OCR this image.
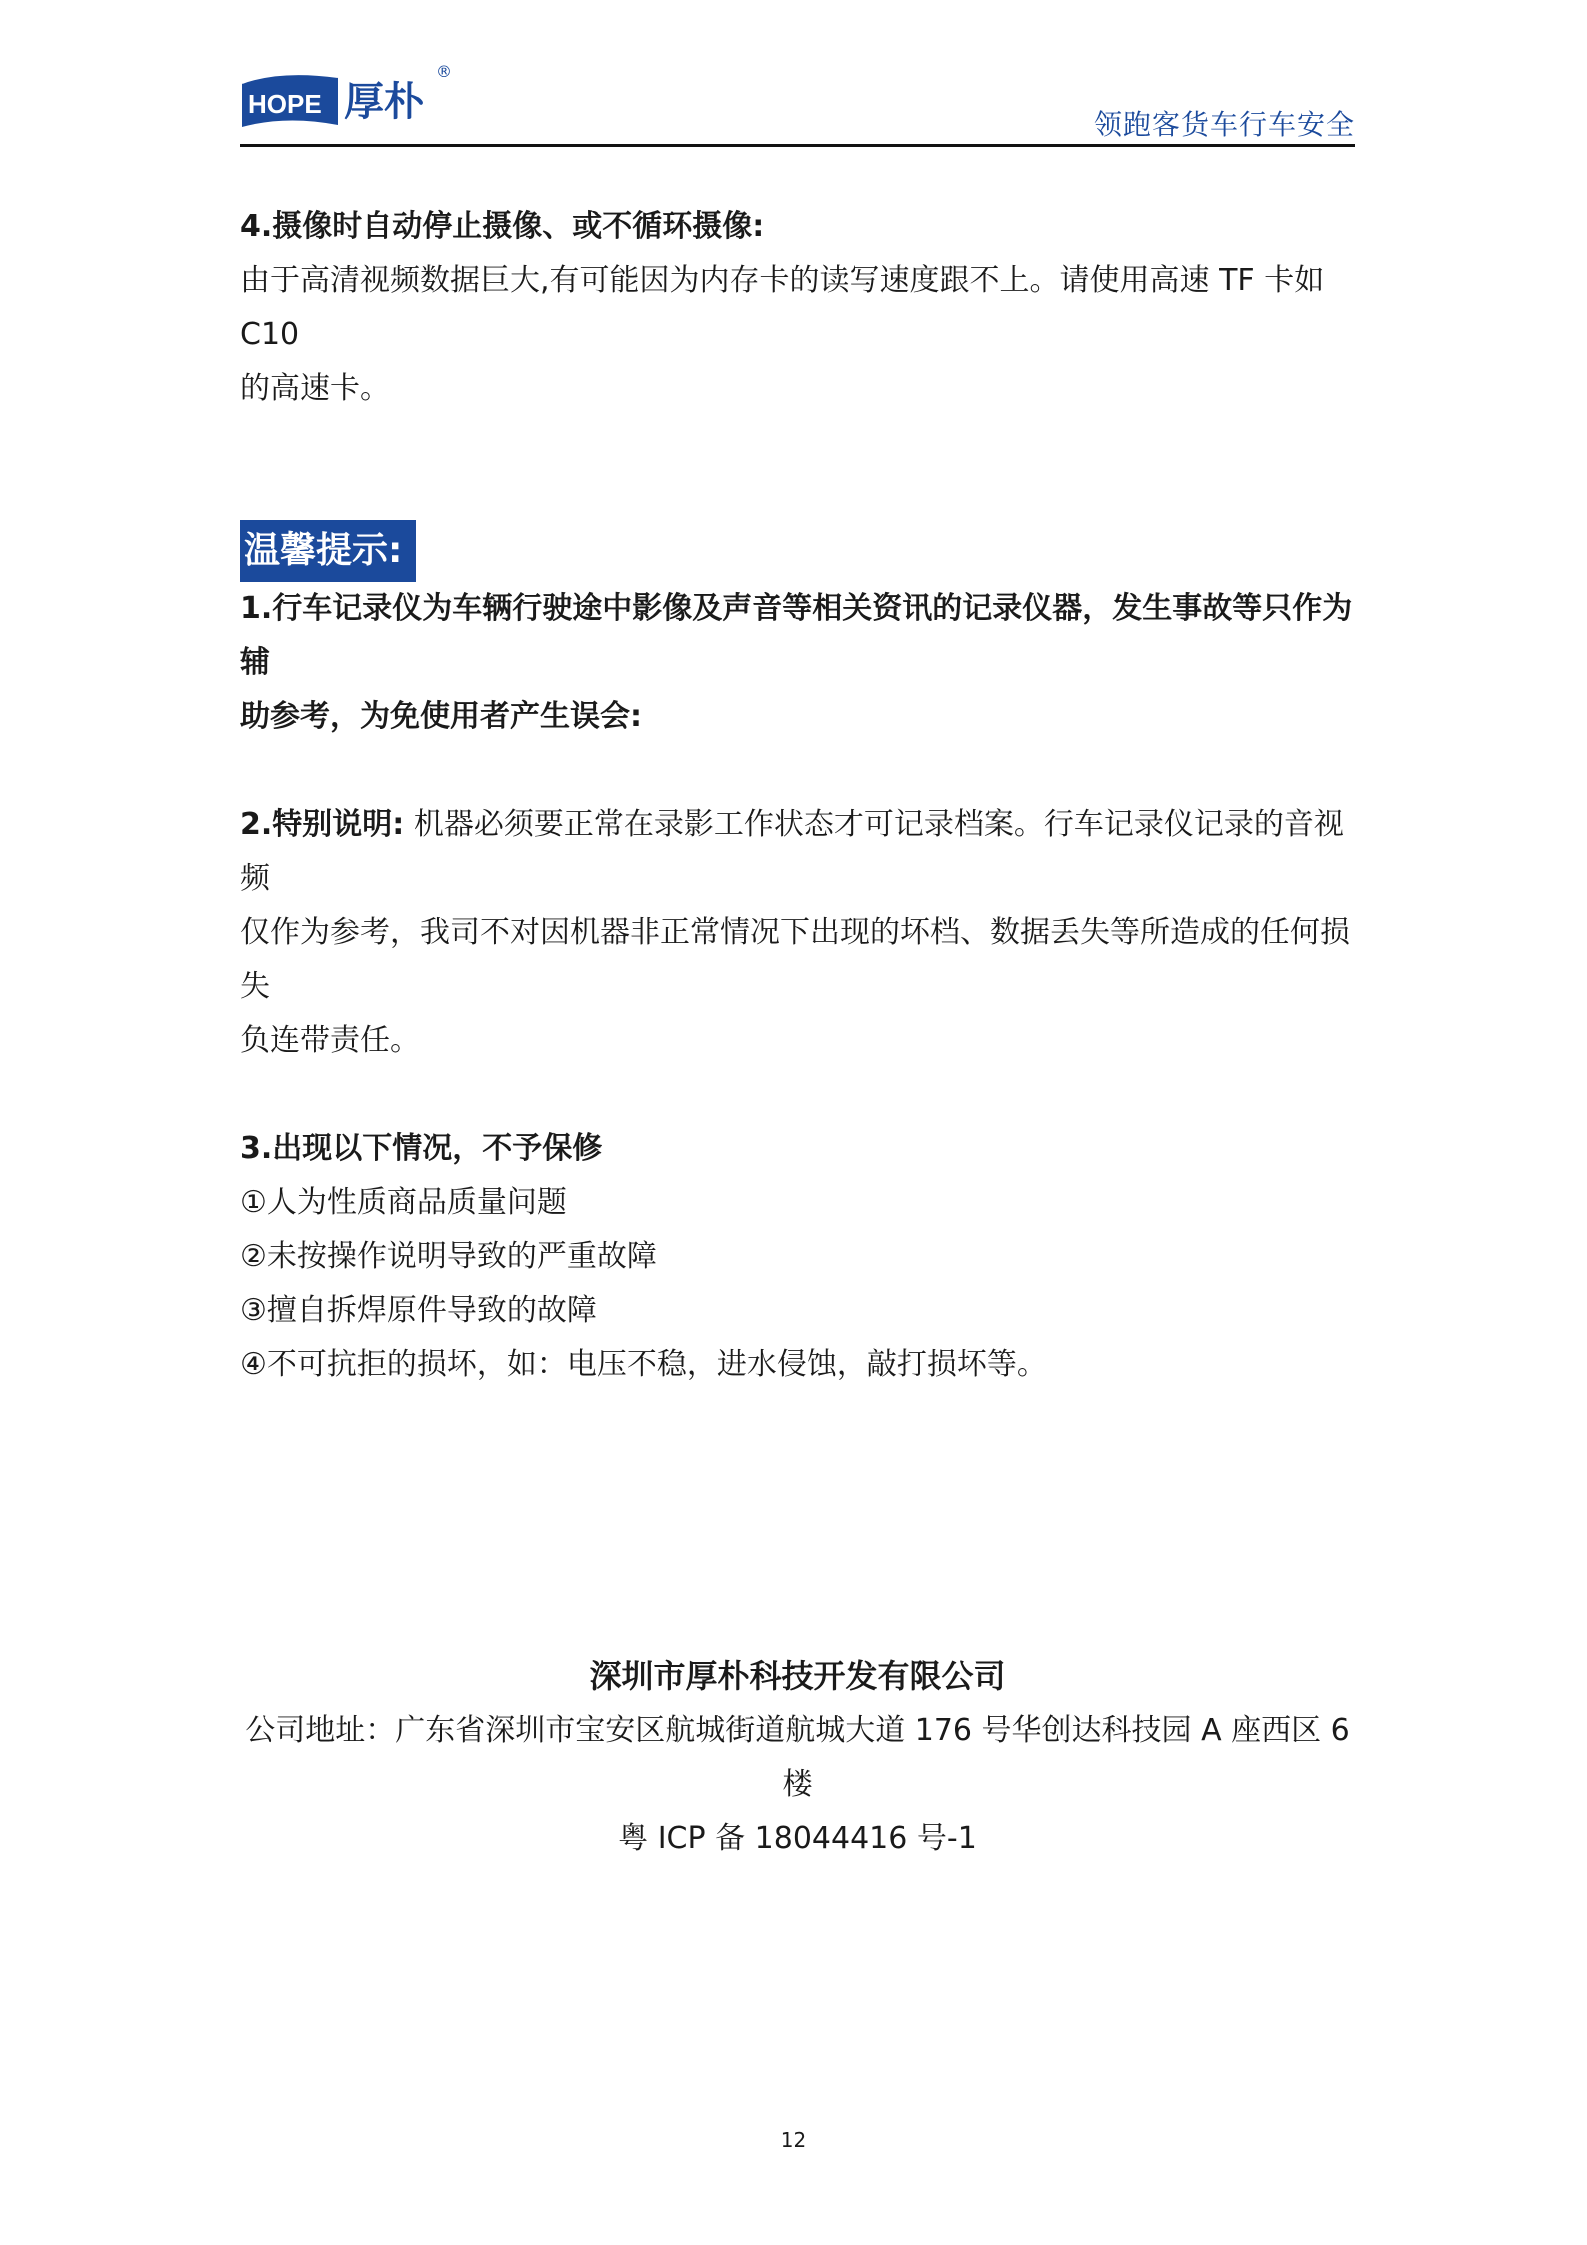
HOPE 厚朴
®
领跑客货车行车安全

4.摄像时自动停止摄像、或不循环摄像:

由于高清视频数据巨大,有可能因为内存卡的读写速度跟不上。请使用高速 TF 卡如 C10

的高速卡。

温馨提示:

1.行车记录仪为车辆行驶途中影像及声音等相关资讯的记录仪器，发生事故等只作为辅

助参考，为免使用者产生误会:

2.特别说明: 机器必须要正常在录影工作状态才可记录档案。行车记录仪记录的音视频

仅作为参考，我司不对因机器非正常情况下出现的坏档、数据丢失等所造成的任何损失

负连带责任。

3.出现以下情况，不予保修

①人为性质商品质量问题

②未按操作说明导致的严重故障

③擅自拆焊原件导致的故障

④不可抗拒的损坏，如：电压不稳，进水侵蚀，敲打损坏等。

深圳市厚朴科技开发有限公司
公司地址：广东省深圳市宝安区航城街道航城大道 176 号华创达科技园 A 座西区 6 楼
粤 ICP 备 18044416 号-1
12
